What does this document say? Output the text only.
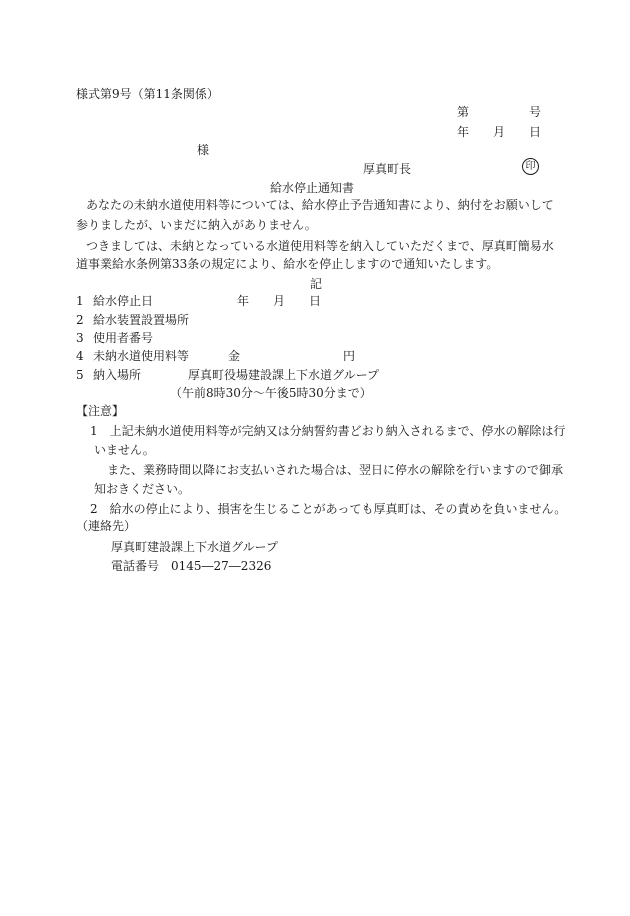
様式第9号（第11条関係）
第	号
年 月 日
様
厚真町長	印
給水停止通知書
あなたの未納水道使用料等については、給水停止予告通知書により、納付をお願いして
参りましたが、いまだに納入がありません。
つきましては、未納となっている水道使用料等を納入していただくまで、厚真町簡易水
道事業給水条例第33条の規定により、給水を停止しますので通知いたします。
記
1 給水停止日	年 月 日
2 給水装置設置場所
3 使用者番号
4 未納水道使用料等	金	円
5 納入場所	厚真町役場建設課上下水道グループ
（午前8時30分～午後5時30分まで）
【注意】
1　上記未納水道使用料等が完納又は分納誓約書どおり納入されるまで、停水の解除は行
いません。
また、業務時間以降にお支払いされた場合は、翌日に停水の解除を行いますので御承
知おきください。
2　給水の停止により、損害を生じることがあっても厚真町は、その責めを負いません。
（連絡先）
厚真町建設課上下水道グループ
電話番号　0145―27―2326
